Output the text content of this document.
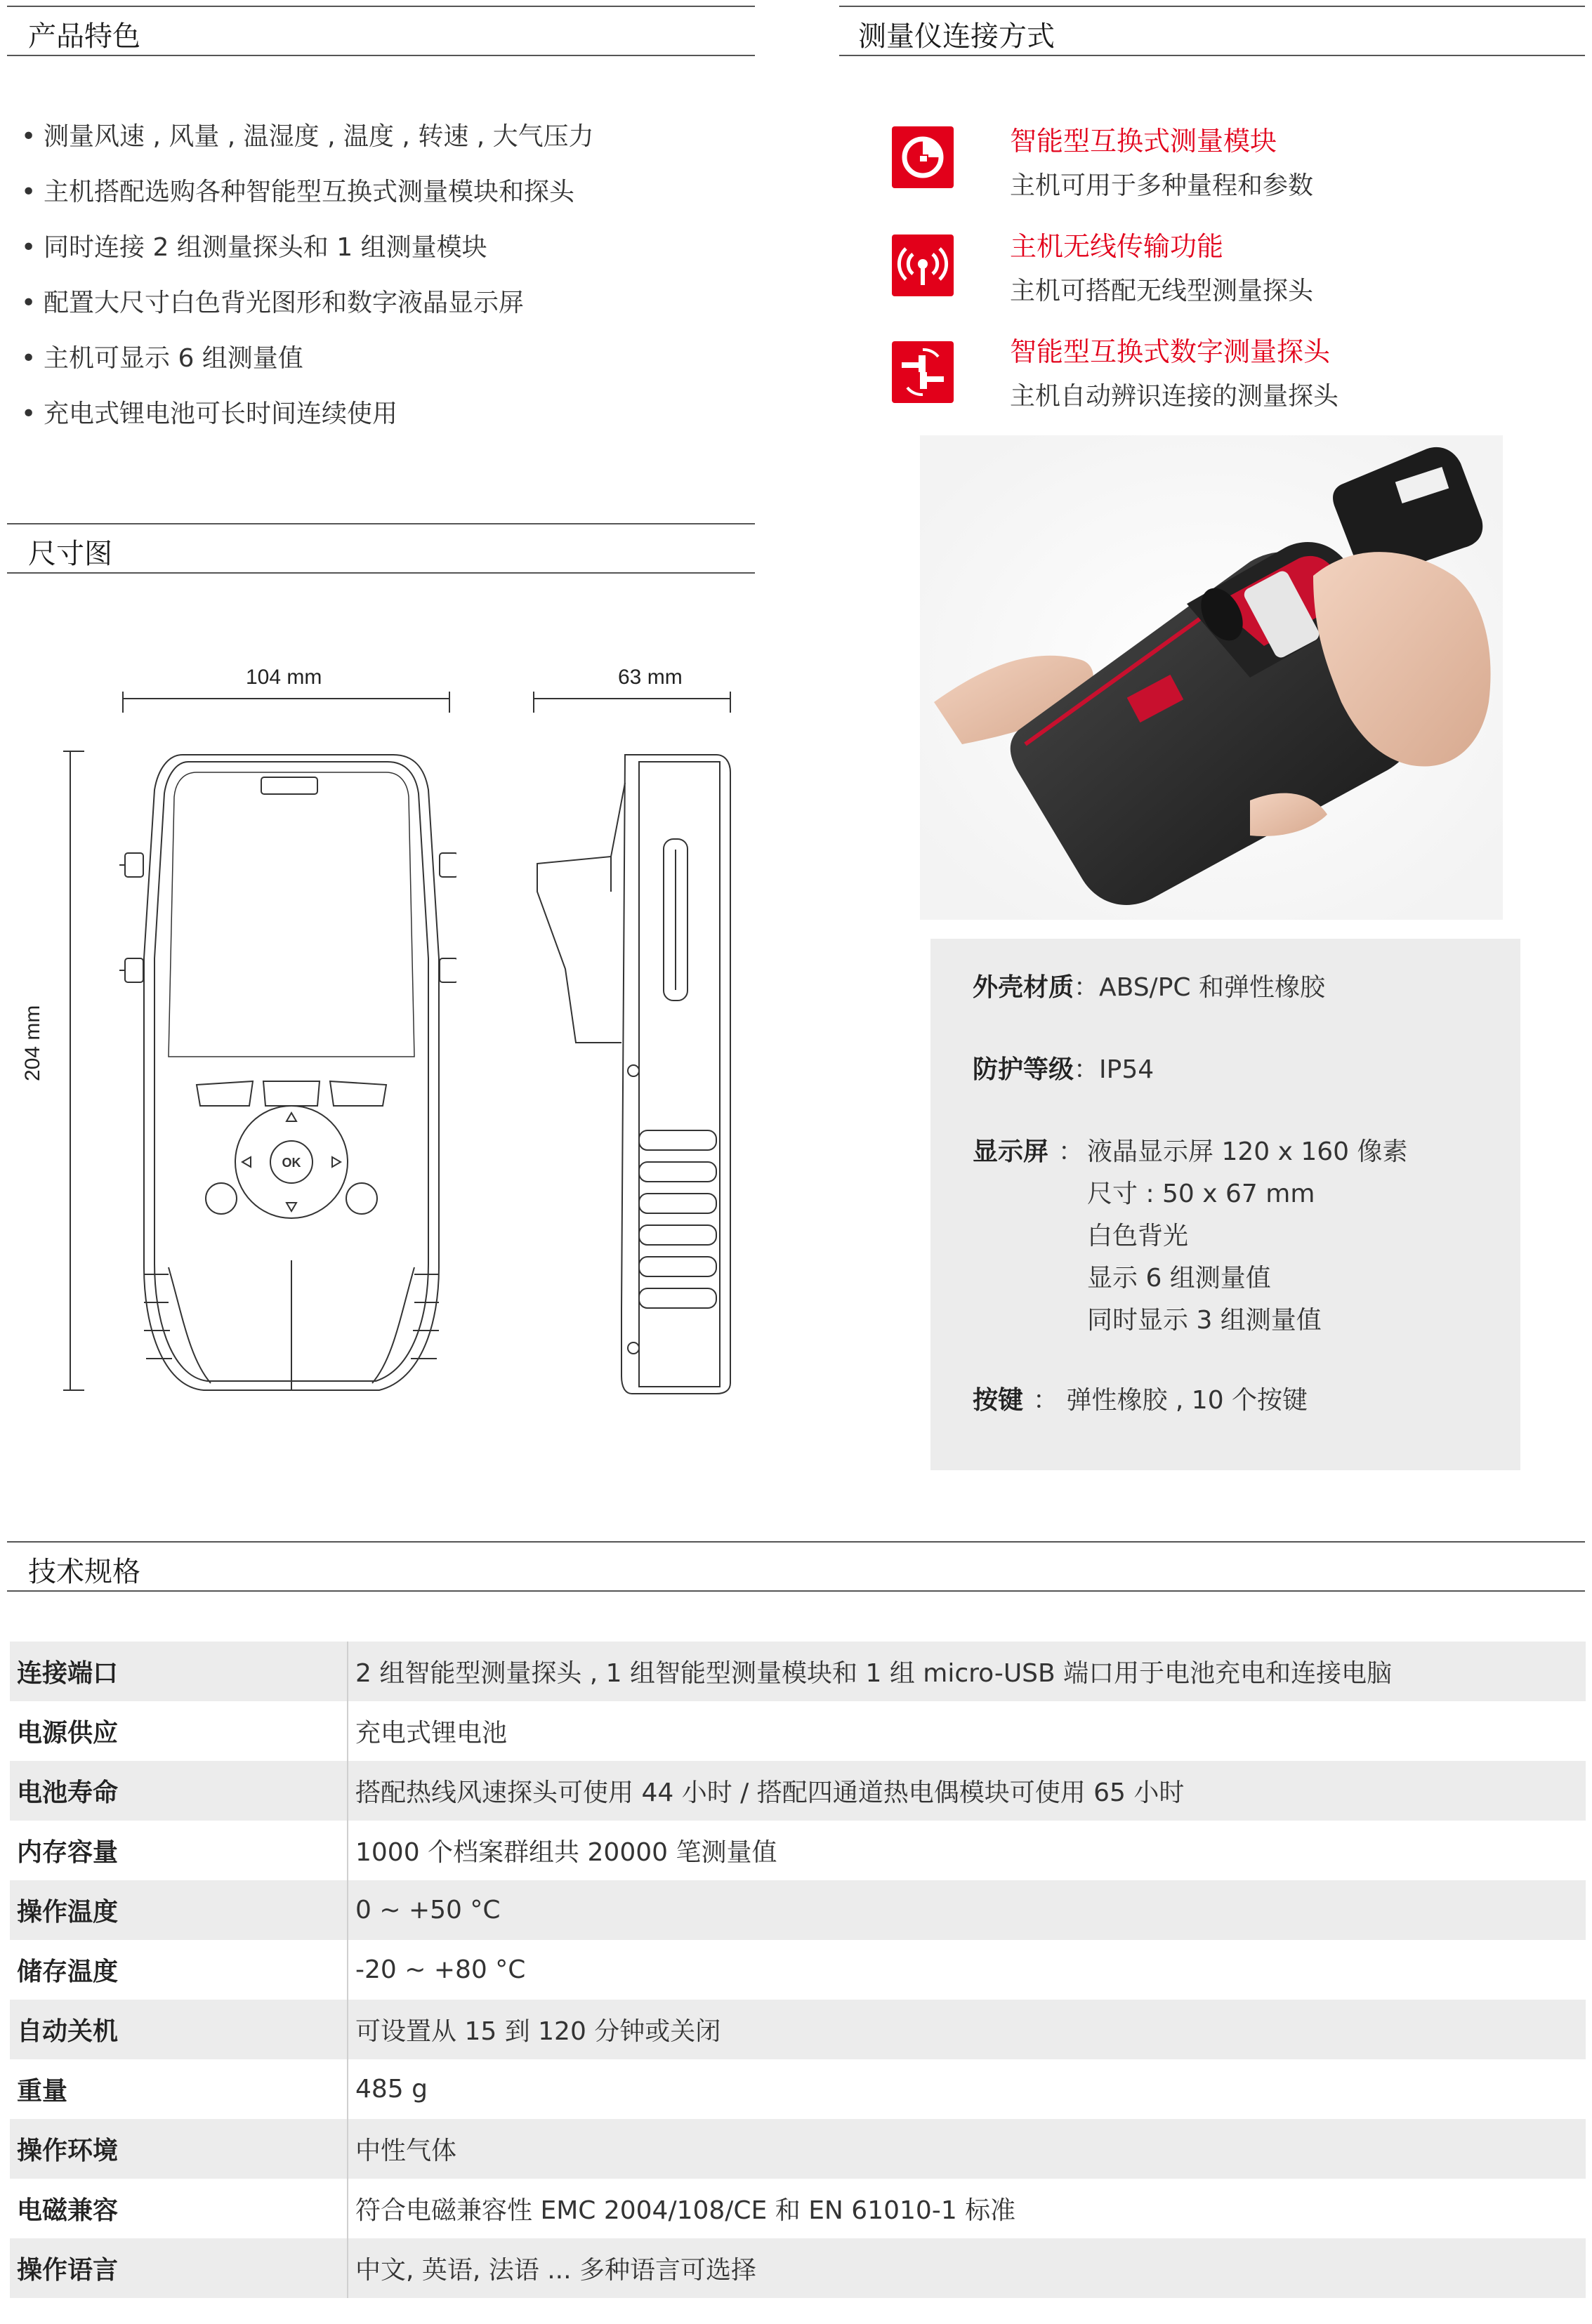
产品特色
• 测量风速 , 风量 , 温湿度 , 温度 , 转速 , 大气压力
• 主机搭配选购各种智能型互换式测量模块和探头
• 同时连接 2 组测量探头和 1 组测量模块
• 配置大尺寸白色背光图形和数字液晶显示屏
• 主机可显示 6 组测量值
• 充电式锂电池可长时间连续使用
测量仪连接方式
智能型互换式测量模块
主机可用于多种量程和参数
主机无线传输功能
主机可搭配无线型测量探头
智能型互换式数字测量探头
主机自动辨识连接的测量探头
尺寸图
104 mm	63 mm
204 mm
OK
外壳材质：ABS/PC 和弹性橡胶
防护等级：IP54
显示屏 ： 液晶显示屏 120 x 160 像素
尺寸 : 50 x 67 mm
白色背光
显示 6 组测量值
同时显示 3 组测量值
按键 ： 弹性橡胶 , 10 个按键
技术规格
连接端口	2 组智能型测量探头 , 1 组智能型测量模块和 1 组 micro-USB 端口用于电池充电和连接电脑
电源供应	充电式锂电池
电池寿命	搭配热线风速探头可使用 44 小时 / 搭配四通道热电偶模块可使用 65 小时
内存容量	1000 个档案群组共 20000 笔测量值
操作温度	0 ~ +50 °C
储存温度	-20 ~ +80 °C
自动关机	可设置从 15 到 120 分钟或关闭
重量	485 g
操作环境	中性气体
电磁兼容	符合电磁兼容性 EMC 2004/108/CE 和 EN 61010-1 标准
操作语言	中文, 英语, 法语 ... 多种语言可选择
